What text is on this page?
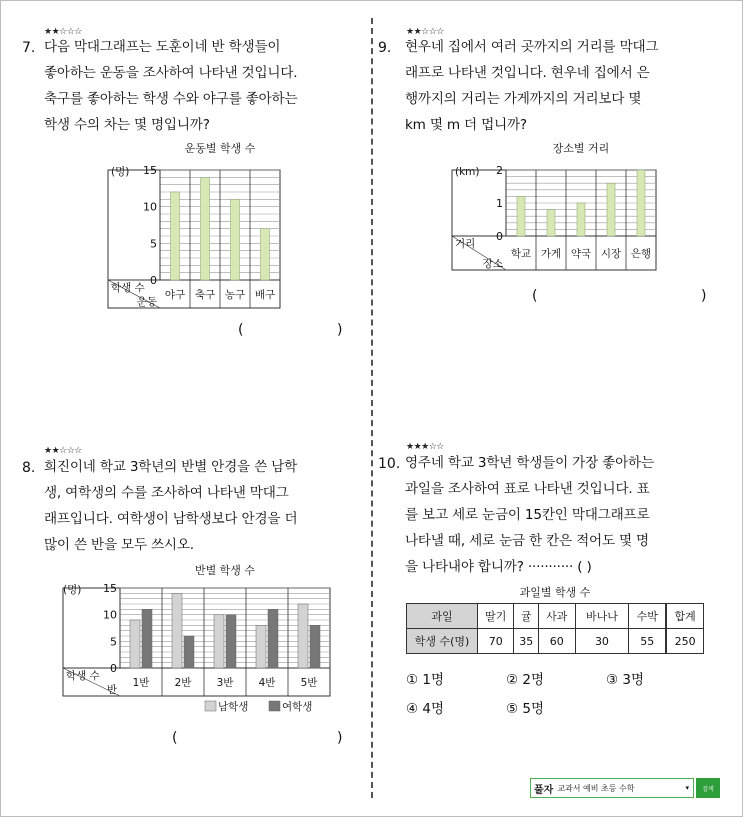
★★☆☆☆
7. 다음 막대그래프는 도훈이네 반 학생들이
좋아하는 운동을 조사하여 나타낸 것입니다.
축구를 좋아하는 학생 수와 야구를 좋아하는
학생 수의 차는 몇 명입니까?
운동별 학생 수
(명)
0
5
10
15
야구 축구 농구 배구
학생 수
운동
(	)
★★☆☆☆
9. 현우네 집에서 여러 곳까지의 거리를 막대그
래프로 나타낸 것입니다. 현우네 집에서 은
행까지의 거리는 가게까지의 거리보다 몇
km 몇 m 더 멉니까?
장소별 거리
(km)
0
1
2
학교 가게 약국 시장 은행
거리
장소
(	)
★★☆☆☆
8. 희진이네 학교 3학년의 반별 안경을 쓴 남학
생, 여학생의 수를 조사하여 나타낸 막대그
래프입니다. 여학생이 남학생보다 안경을 더
많이 쓴 반을 모두 쓰시오.
반별 학생 수
(명)
0
5
10
15
1반 2반 3반 4반 5반
학생 수
반
남학생	여학생
(	)
★★★☆☆
10. 영주네 학교 3학년 학생들이 가장 좋아하는
과일을 조사하여 표로 나타낸 것입니다. 표
를 보고 세로 눈금이 15칸인 막대그래프로
나타낼 때, 세로 눈금 한 칸은 적어도 몇 명
을 나타내야 합니까? ··········· ( )
과일별 학생 수
과일	딸기	귤	사과	바나나	수박	합계
학생 수(명)	70	35	60	30	55	250
① 1명	② 2명	③ 3명
④ 4명	⑤ 5명
풀자 교과서 예비 초등 수학	▾	검색
